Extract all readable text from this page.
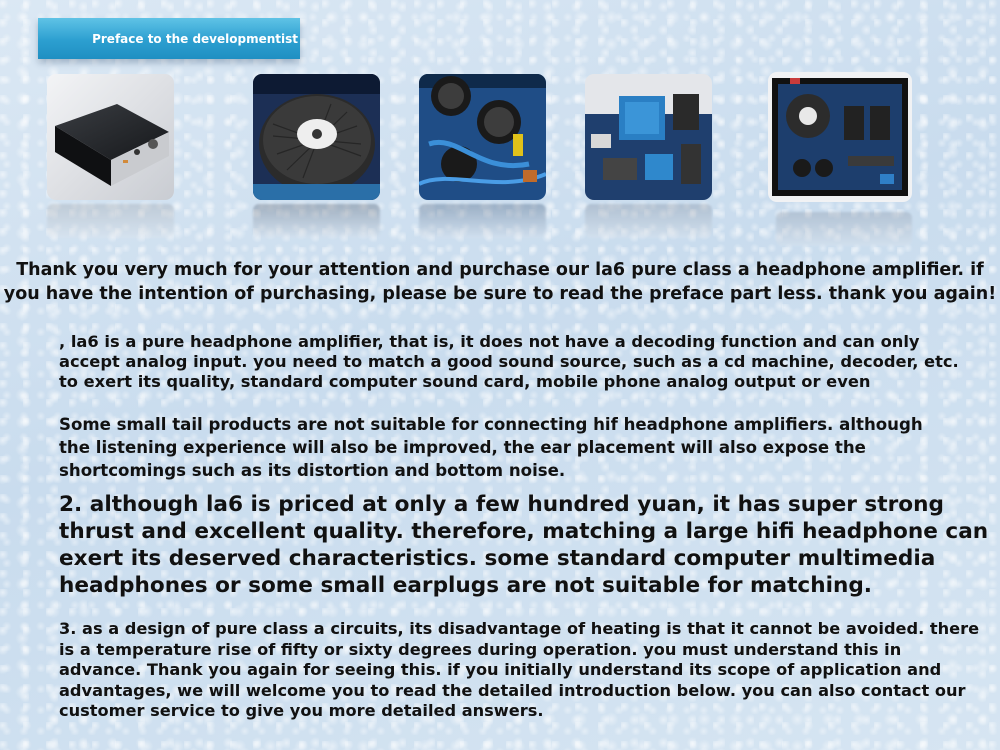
Preface to the developmentist

Thank you very much for your attention and purchase our la6 pure class a headphone amplifier. if you have the intention of purchasing, please be sure to read the preface part less. thank you again!

, la6 is a pure headphone amplifier, that is, it does not have a decoding function and can only accept analog input. you need to match a good sound source, such as a cd machine, decoder, etc. to exert its quality, standard computer sound card, mobile phone analog output or even

Some small tail products are not suitable for connecting hif headphone amplifiers. although the listening experience will also be improved, the ear placement will also expose the shortcomings such as its distortion and bottom noise.

2. although la6 is priced at only a few hundred yuan, it has super strong thrust and excellent quality. therefore, matching a large hifi headphone can exert its deserved characteristics. some standard computer multimedia headphones or some small earplugs are not suitable for matching.

3. as a design of pure class a circuits, its disadvantage of heating is that it cannot be avoided. there is a temperature rise of fifty or sixty degrees during operation. you must understand this in advance. Thank you again for seeing this. if you initially understand its scope of application and advantages, we will welcome you to read the detailed introduction below. you can also contact our customer service to give you more detailed answers.
